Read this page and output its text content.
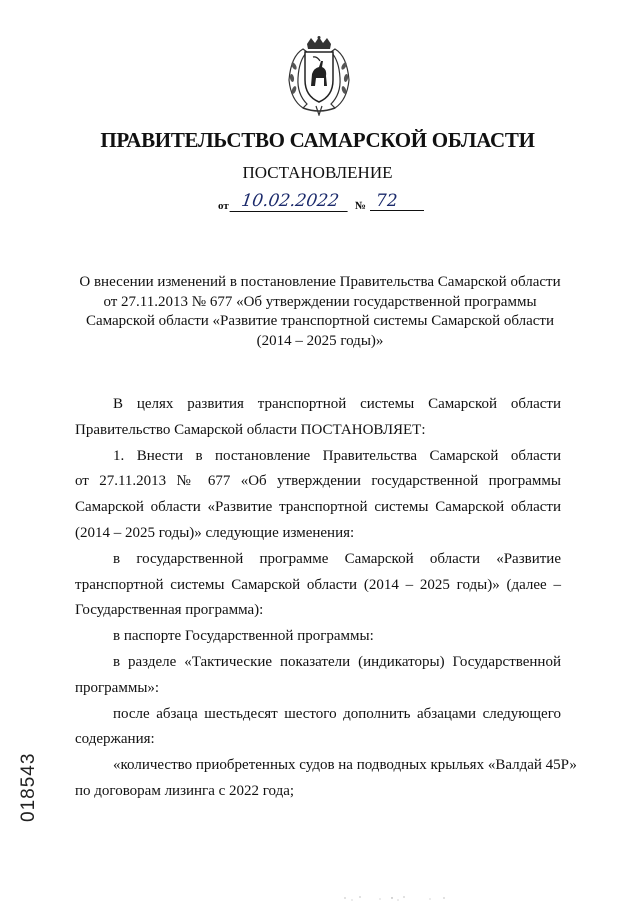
ПРАВИТЕЛЬСТВО САМАРСКОЙ ОБЛАСТИ
ПОСТАНОВЛЕНИЕ
от 10.02.2022	№ 72
О внесении изменений в постановление Правительства Самарской области
от 27.11.2013 № 677 «Об утверждении государственной программы
Самарской области «Развитие транспортной системы Самарской области
(2014 – 2025 годы)»
В целях развития транспортной системы Самарской области
Правительство Самарской области ПОСТАНОВЛЯЕТ:
1. Внести в постановление Правительства Самарской области
от 27.11.2013 № 677 «Об утверждении государственной программы
Самарской области «Развитие транспортной системы Самарской области
(2014 – 2025 годы)» следующие изменения:
в государственной программе Самарской области «Развитие
транспортной системы Самарской области (2014 – 2025 годы)» (далее –
Государственная программа):
в паспорте Государственной программы:
в разделе «Тактические показатели (индикаторы) Государственной
программы»:
после абзаца шестьдесят шестого дополнить абзацами следующего
содержания:
«количество приобретенных судов на подводных крыльях «Валдай 45Р»
по договорам лизинга с 2022 года;
018543
